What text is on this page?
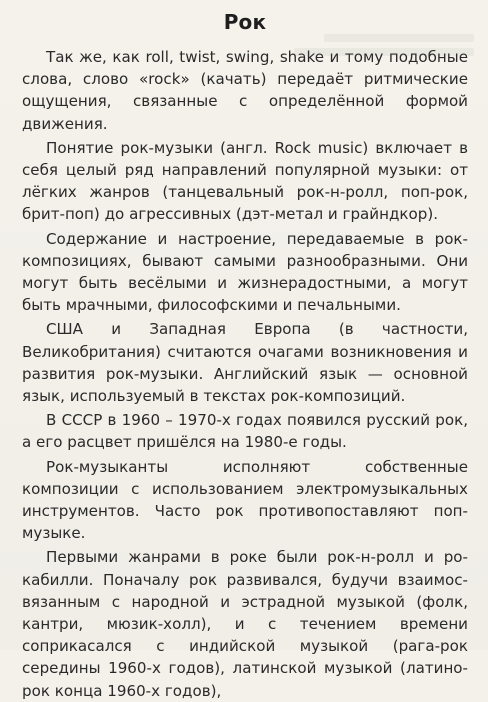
Рок

Так же, как roll, twist, swing, shake и тому подобные слова, слово «rock» (качать) передаёт ритмические ощущения, связанные с определённой формой движения.

Понятие рок-музыки (англ. Rock music) включает в себя целый ряд направлений популярной музыки: от лёгких жанров (танцевальный рок-н-ролл, поп-рок, брит-поп) до агрессивных (дэт-метал и грайндкор).

Содержание и настроение, передаваемые в рок-композициях, бывают самыми разнообразными. Они могут быть весёлыми и жизнерадостными, а могут быть мрачными, философскими и печальными.

США и Западная Европа (в частности, Великобритания) считаются очагами возникновения и развития рок-музыки. Английский язык — основной язык, используемый в текстах рок-композиций.

В СССР в 1960 – 1970-х годах появился русский рок, а его расцвет пришёлся на 1980-е годы.

Рок-музыканты исполняют собственные композиции с использованием электромузыкальных инструментов. Часто рок противопоставляют поп-музыке.

Первыми жанрами в роке были рок-н-ролл и рокабилли. Поначалу рок развивался, будучи взаимосвязанным с народной и эстрадной музыкой (фолк, кантри, мюзик-холл), и с течением времени соприкасался с индийской музыкой (рага-рок середины 1960-х годов), латинской музыкой (латино-рок конца 1960-х годов),
